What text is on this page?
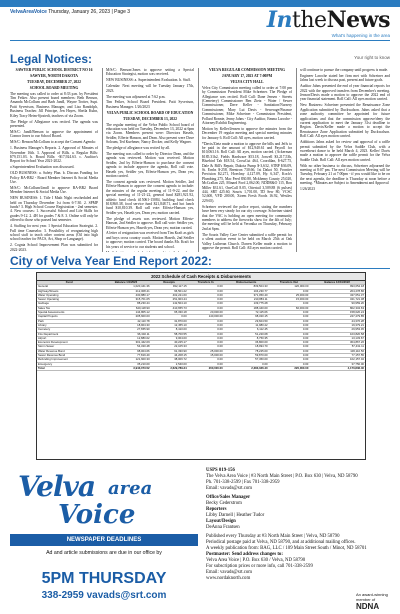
VelvaAreaVoice Thursday, January 26, 2023 | Page 3	IntheNews
What's happening in the area
Legal Notices:	Your right to know

SAWYER PUBLIC SCHOOL DISTRICT NO 16

SAWYER, NORTH DAKOTA

TUESDAY, DECEMBER 27, 2022

SCHOOL BOARD MEETING

The meeting was called to order at 8:33 p.m. by President Tim Feiker. Also present board members: Beth Benson, Amanda McCollum and Barb Jandl, Wayne Trotter, Supt. Patti Syvertson, Business Manager, and Lisa Randolph, Business Teacher. Jill Principe, Jen Hayes, Sheila Kuhn, Kiley Tracy Heim-Sjostedt, teachers of via Zoom.

The Pledge of Allegiance was recited. The agenda was presented.

M/S/C: Jandl/Benson to approve the appointment of Connor Jones to our School Board.

M/S/C: Benson/McCollum to accept the Consent Agenda:

1. Business Manager's Reports. 2. Approval of Minutes of November 16th. 3. Approval of Bills. a. Regular Bills: $79,151.03. b. Board Bills: -$17,924.63. c. Auditor's Report for School Year 2021-2022.

a Superintendent Evaluation was discussed.

OLD BUSINESS: a. Safety Plan. b. Discuss Funding for Policy BA-BR2 - Board Member Internet & Social Media Use.

M/S/C: McCollum/Jandl to approve BA-BR2 Board Member Internet & Social Media Use.

NEW BUSINESS: 1. Title I Math Night rescheduled and held on Thursday December 1st from 6-7:30. 2. SPMP funds? 3. High School Course Registration - 2nd semester. 4. New courses: 1. Successful School and Life Skills for grades 9-12. 2. 4H for grades 7 & 8. 3. Online will only be offered to those who passed last semester.

4. Staffing for next year. 1 Special Education Strategist. 2. Full time Counselor. 3. Possibility of reorganizing high school staff to teach other content areas (Oil into high school teacher for PACS, Art, Shop or Language).

2. Cognia School Improvement Plan was submitted for 2022-2023.

M/S/C: Benson/Jones to approve setting a Special Education Strategist, motion was received.

NEW BUSINESS: a. Superintendent Evaluation. b. Staff.

Calendar: Next meeting will be Tuesday January 17th, 2023.

The meeting was adjourned at 7:62 p.m.

Tim Feiker, School Board President. Patti Syvertson, Business Manager. 1/26/2023

VELVA PUBLIC SCHOOL BOARD OF EDUCATION

TUESDAY, DECEMBER 13, 2022

The regular meeting of the Velva Public School board of education was held on Tuesday, December 13, 2022 at 6pm via Zoom. Members present were: Directors Haseth, Seidler, Effertz-Hanson, and Dean. Also present were Dave Soloum, Ted Kuehmer, Nancy Docker, and Kelly Wagner.

The pledge of allegiance was recited by all.

The meeting was called to order by Director Dean, and the agenda was reviewed. Motion was received. Motion Seidler, 2nd by Effertz-Hanson to purchase the consent agenda to include approve the agenda, Roll call vote. Haseth yes, Seidler yes, Effertz-Hanson yes, Dean yes; motion carried.

The consent agenda was reviewed. Motion Seidler, 2nd Effertz-Hanson to approve the consent agenda to include: the minutes of the regular meeting of 11-9-22, and the special meeting of 11-21-22, general fund $281,921.92, athletic fund check #15061-15084, building fund check $18,860.38, food service fund $21,848.71, and hot lunch fund $10,810.39. Roll call vote: Effertz-Hanson yes, Seidler yes, Haseth yes, Dean yes; motion carried.

The pledge of assets was reviewed. Motion Effertz-Hanson, 2nd Seidler to approve. Roll call vote: Seidler yes, Effertz-Hanson yes, Haseth yes, Dean yes; motion carried.

A letter of resignation was received from Tim Kraft as girls and boys cross country coach. Motion Haseth, 2nd Seidler to approve; motion carried. The board thanks Mr. Kraft for his years of service to our students and school.

VELVA REGULAR COMMISSION MEETING

JANUARY 17, 2023 AT 7:00PM

VELVA CITY HALL

Velva City Commission meeting called to order at 7:00 pm by Commission President Mike Schreiner. The Pledge of Allegiance was recited. Roll Call: Dane Jensen - Streets (Cemetery) Commissioner Ben Zietz - Water / Sewer Commissioner, Dave Keller - Sanitation/Nursery Commissioner, Mary Lui Davis - Sewerage/Finance Commissioner, Mike Schreiner - Commission President, Pollard Ronnie, Jenny Jahns - City Auditor, Emma Laroche - Attorney/Exhibit Engineering.

Motion by Keller/Jensen to approve the minutes from the December 19 regular meeting and special meeting minutes for January 6. Roll Call: All ayes, motion carried.

*Davis/Zietz made a motion to approve the bills and Jeffs to be paid in the amount of $12,940.61 and Payroll for $10,063.16. Roll Call: All ayes, motion carried. (Ackerman $185.31b2, Fields Hardware $53.18, Jorwell $3,217,53b, Bluebird Tab $18.54, CrossCut 464, Coordilan, $-627.75, Dale & Bill's Repair, Dakota Pump $-3,632, STBP $36.09, St. Ernhs $-258, Brentron 730.66, 1st Dakot 50, Frontier Precision $2,271, Hoechny 4,127.09, Hy. 6,347, Koch's Plumbing 275, Mac Feed 830.80, Mckhemy County 25,020, McCrallan 225, Minard Ford 2,062.00, NDDR&O 115, Ron Miller $31.61, OneCall 8.05, Ottertail 3,509.88 (6 pulses) 444, SRT 425.60, Souris 1,701.00, TD Sew 80, VCSC 52,600, VFD 200.00, Xtrem Fresh Foods 16.92, Westlex 229.65).

Schreiner reviewed the police report, stating the numbers have been very steady for our city coverage. Schreiner stated that the VAC is holding an open meeting for community members to address the fireworks show for the 4th of July; the meeting will be held at Veronika on Thursday, February 2nd at 6pm.

The Souris Valley Care Center submitted a raffle permit for a silent auction event to be held on March 25th at Oak Valley Lutheran Church. Darren Keller made a motion to approve the permit. Roll Call: All ayes motion carried.

will continue to pursue the company until progress is made.

Engineer Laroche stated her firm met with Schreiner and Jahns last week to discuss past, present and future goals.

Auditor Jahns presented the end of year financial reports for 2022 with the approved transfers from December's meeting. Jenson/Davis made a motion to approve the 2022 end of year financial statement. Roll Call: All ayes motion carried.

New Business: Schreiner presented the Renaissance Zone Application submitted by Duckwalson. Jahns asked that a zone authority committee be appointed for future applications and that the commission approve/deny the current application to meet the January 31st deadline to Region. Davis/Keller made a motion to accept the Renaissance Zone Application submitted by Duckwalson. Roll Call: All ayes motion carried.

Additions Jahns asked for review and approval of a raffle permit submitted by the Velva Saddle Club, with a sweetheart dance to be held March 4, 2023. Keller/ Davis made a motion to approve the raffle permit for the Velva Saddle Club. Roll Call: All ayes motion carried.

With no other business to discuss, Schreiner adjourned the meeting at 8:07 pm. The next Commission Meeting will be Tuesday, February 21 at 7:00pm - if you would like to be on the next agenda, the deadline is Thursday at noon before a meeting. *Minutes are Subject to Amendment and Approval

1/26/2023

City of Velva Year End Report 2022:
2022 Schedule of Cash Receipts & Disbursements
Fund	Balance 1/1/2022	Receipts	Transfers In	Disbursements	Transfers Out	Balance 12/31/2022
General	1,020,441.36	932,117.15	0.00	839,504.33	120,000.00	993,054.18
Highway/Streets	212,008.41	96,501.22	0.00	104,230.77	0.00	204,278.86
Water Operating	430,880.17	402,221.60	0.00	371,050.40	25,000.00	437,051.37
Sewer Operating	315,701.05	251,903.44	0.00	210,883.11	15,000.00	341,721.38
Garbage	88,230.44	142,504.10	0.00	139,775.28	0.00	90,959.26
Sales Tax	640,118.90	410,655.73	0.00	188,440.00	60,000.00	802,334.63
Special Assessments	144,805.12	65,330.18	20,000.00	72,115.06	0.00	158,020.24
Capital Projects	205,600.00	0.00	140,000.00	98,320.15	0.00	247,279.85
Park	42,110.78	31,870.00	0.00	29,604.50	0.00	44,376.28
Library	18,904.33	12,455.10	0.00	11,980.22	0.00	19,379.21
Cemetery	27,655.90	8,410.00	0.00	6,112.45	0.00	29,953.45
Fire Department	96,340.11	58,700.55	0.00	51,220.08	0.00	103,820.58
Airport	12,880.02	9,004.00	0.00	8,750.35	0.00	13,133.67
Economic Development	301,442.09	40,225.17	0.00	36,800.00	0.00	304,867.26
Storm Sewer	54,320.48	22,105.33	0.00	18,994.70	0.00	57,431.11
Water Revenue Bond	98,004.66	61,330.90	25,000.00	78,225.00	0.00	106,110.56
Sewer Revenue Bond	77,819.40	44,208.15	15,000.00	59,870.00	0.00	77,157.55
Refunding Improvement	121,600.30	38,006.72	0.00	57,450.00	0.00	102,157.02
Emergency	35,210.00	2,540.00	0.00	0.00	0.00	37,750.00
Total	3,943,073.52	2,629,789.34	200,000.00	2,383,326.40	220,000.00	4,170,836.46
Velva area
Voice
NEWSPAPER DEADLINES
Ad and article submissions are due in our office by
5PM THURSDAY
338-2959 vavads@srt.com
USPS 019-156
The Velva Area Voice | #3 North Main Street | P.O. Box 630 | Velva, ND 58790
Ph. 701-338-2599 | Fax 701-338-2959
Email: vavads@srt.com
Office/Sales Manager
Becky Cederstrom
Reporters
Libby Darnell | Heather Tudor
Layout/Design
DeAnna Frantsen
Published every Thursday at #3 North Main Street | Velva, ND 58790
Periodical postage paid at Velva, ND 58790, and at additional mailing offices.
A weekly publication from: BAG, LLC / 109 Main Street South / Minot, ND 58701
Postmaster: Send address changes to:
Velva Area Voice | P.O. Box 630 / Velva, ND 58790
For subscription prices or more info, call 701-338-2599
Email: vavads@srt.com
www.nordaknorth.com
An award-winning member of
NDNA
